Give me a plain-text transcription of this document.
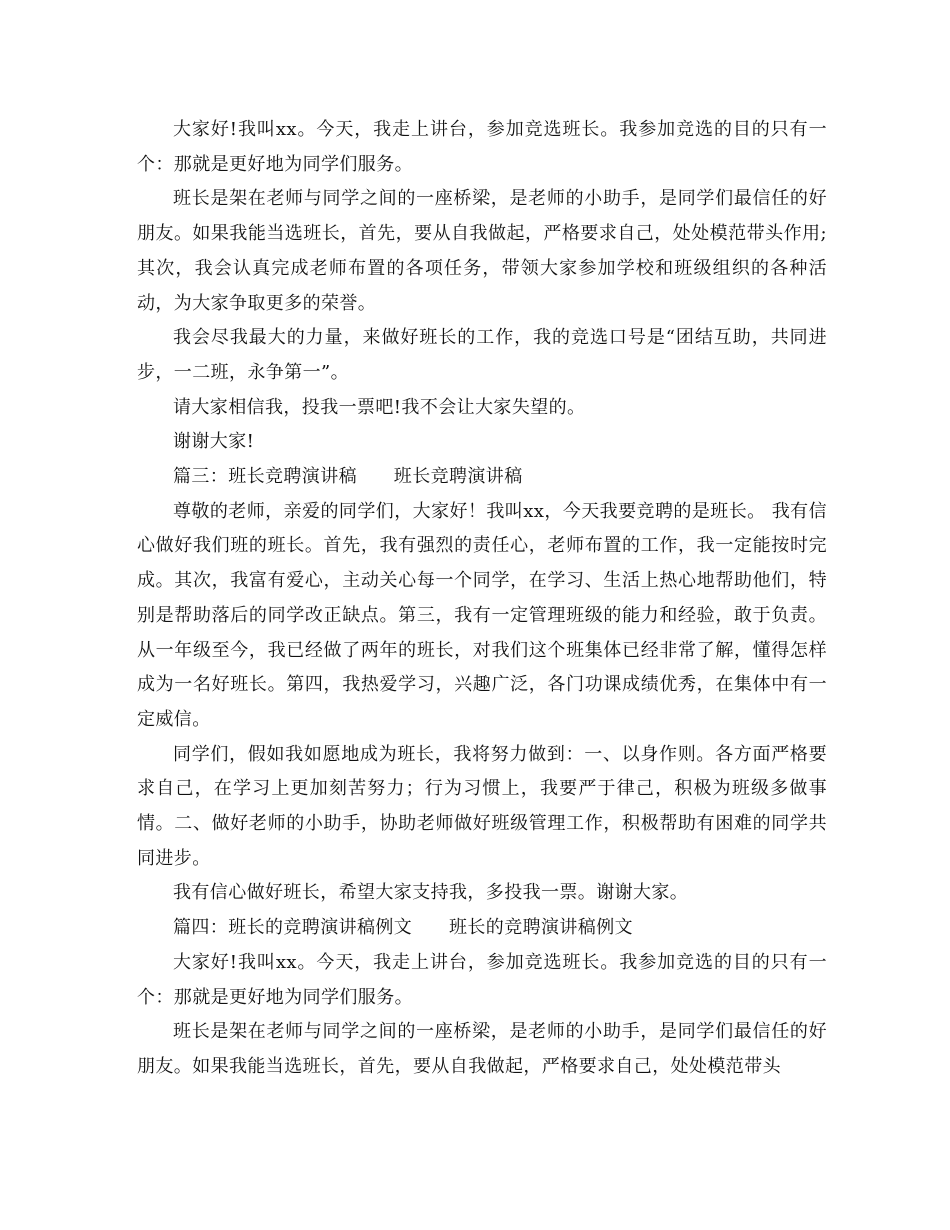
大家好!我叫xx。今天，我走上讲台，参加竞选班长。我参加竞选的目的只有一个：那就是更好地为同学们服务。

班长是架在老师与同学之间的一座桥梁，是老师的小助手，是同学们最信任的好朋友。如果我能当选班长，首先，要从自我做起，严格要求自己，处处模范带头作用;其次，我会认真完成老师布置的各项任务，带领大家参加学校和班级组织的各种活动，为大家争取更多的荣誉。

我会尽我最大的力量，来做好班长的工作，我的竞选口号是“团结互助，共同进步，一二班，永争第一”。

请大家相信我，投我一票吧!我不会让大家失望的。

谢谢大家!

篇三：班长竞聘演讲稿　　班长竞聘演讲稿

尊敬的老师，亲爱的同学们，大家好！我叫xx，今天我要竞聘的是班长。 我有信心做好我们班的班长。首先，我有强烈的责任心，老师布置的工作，我一定能按时完成。其次，我富有爱心，主动关心每一个同学，在学习、生活上热心地帮助他们，特别是帮助落后的同学改正缺点。第三，我有一定管理班级的能力和经验，敢于负责。从一年级至今，我已经做了两年的班长，对我们这个班集体已经非常了解，懂得怎样成为一名好班长。第四，我热爱学习，兴趣广泛，各门功课成绩优秀，在集体中有一定威信。

同学们，假如我如愿地成为班长，我将努力做到：一、以身作则。各方面严格要求自己，在学习上更加刻苦努力；行为习惯上，我要严于律己，积极为班级多做事情。二、做好老师的小助手，协助老师做好班级管理工作，积极帮助有困难的同学共同进步。

我有信心做好班长，希望大家支持我，多投我一票。谢谢大家。

篇四：班长的竞聘演讲稿例文　　班长的竞聘演讲稿例文

大家好!我叫xx。今天，我走上讲台，参加竞选班长。我参加竞选的目的只有一个：那就是更好地为同学们服务。

班长是架在老师与同学之间的一座桥梁，是老师的小助手，是同学们最信任的好朋友。如果我能当选班长，首先，要从自我做起，严格要求自己，处处模范带头
